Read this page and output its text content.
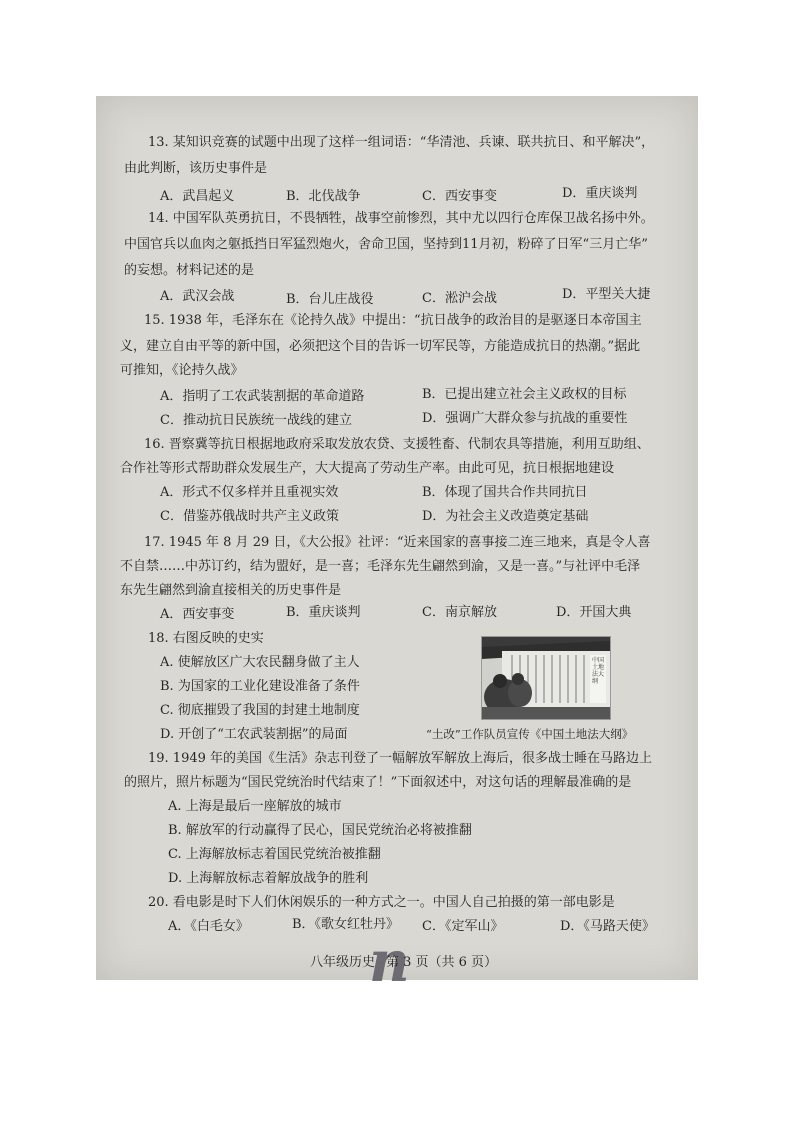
13. 某知识竞赛的试题中出现了这样一组词语：“华清池、兵谏、联共抗日、和平解决”，
由此判断，该历史事件是
A．武昌起义	B．北伐战争	C．西安事变	D．重庆谈判
14. 中国军队英勇抗日，不畏牺牲，战事空前惨烈，其中尤以四行仓库保卫战名扬中外。
中国官兵以血肉之躯抵挡日军猛烈炮火，舍命卫国，坚持到11月初，粉碎了日军“三月亡华”
的妄想。材料记述的是
A．武汉会战	B．台儿庄战役	C．淞沪会战	D．平型关大捷
15. 1938 年，毛泽东在《论持久战》中提出：“抗日战争的政治目的是驱逐日本帝国主
义，建立自由平等的新中国，必须把这个目的告诉一切军民等，方能造成抗日的热潮。”据此
可推知，《论持久战》
A．指明了工农武装割据的革命道路	B．已提出建立社会主义政权的目标
C．推动抗日民族统一战线的建立	D．强调广大群众参与抗战的重要性
16. 晋察冀等抗日根据地政府采取发放农贷、支援牲畜、代制农具等措施，利用互助组、
合作社等形式帮助群众发展生产，大大提高了劳动生产率。由此可见，抗日根据地建设
A．形式不仅多样并且重视实效	B．体现了国共合作共同抗日
C．借鉴苏俄战时共产主义政策	D．为社会主义改造奠定基础
17. 1945 年 8 月 29 日，《大公报》社评：“近来国家的喜事接二连三地来，真是令人喜
不自禁……中苏订约，结为盟好，是一喜；毛泽东先生翩然到渝，又是一喜。”与社评中毛泽
东先生翩然到渝直接相关的历史事件是
A．西安事变	B．重庆谈判	C．南京解放	D．开国大典
18. 右图反映的史实
A. 使解放区广大农民翻身做了主人
B. 为国家的工业化建设准备了条件
C. 彻底摧毁了我国的封建土地制度
D. 开创了“工农武装割据”的局面
中国土地法大纲
“土改”工作队员宣传《中国土地法大纲》
19. 1949 年的美国《生活》杂志刊登了一幅解放军解放上海后，很多战士睡在马路边上
的照片，照片标题为“国民党统治时代结束了！”下面叙述中，对这句话的理解最准确的是
A. 上海是最后一座解放的城市
B. 解放军的行动赢得了民心，国民党统治必将被推翻
C. 上海解放标志着国民党统治被推翻
D. 上海解放标志着解放战争的胜利
20. 看电影是时下人们休闲娱乐的一种方式之一。中国人自己拍摄的第一部电影是
A．《白毛女》	B．《歌女红牡丹》 C．《定军山》	D．《马路天使》
八年级历史
n
第 3 页（共 6 页）
